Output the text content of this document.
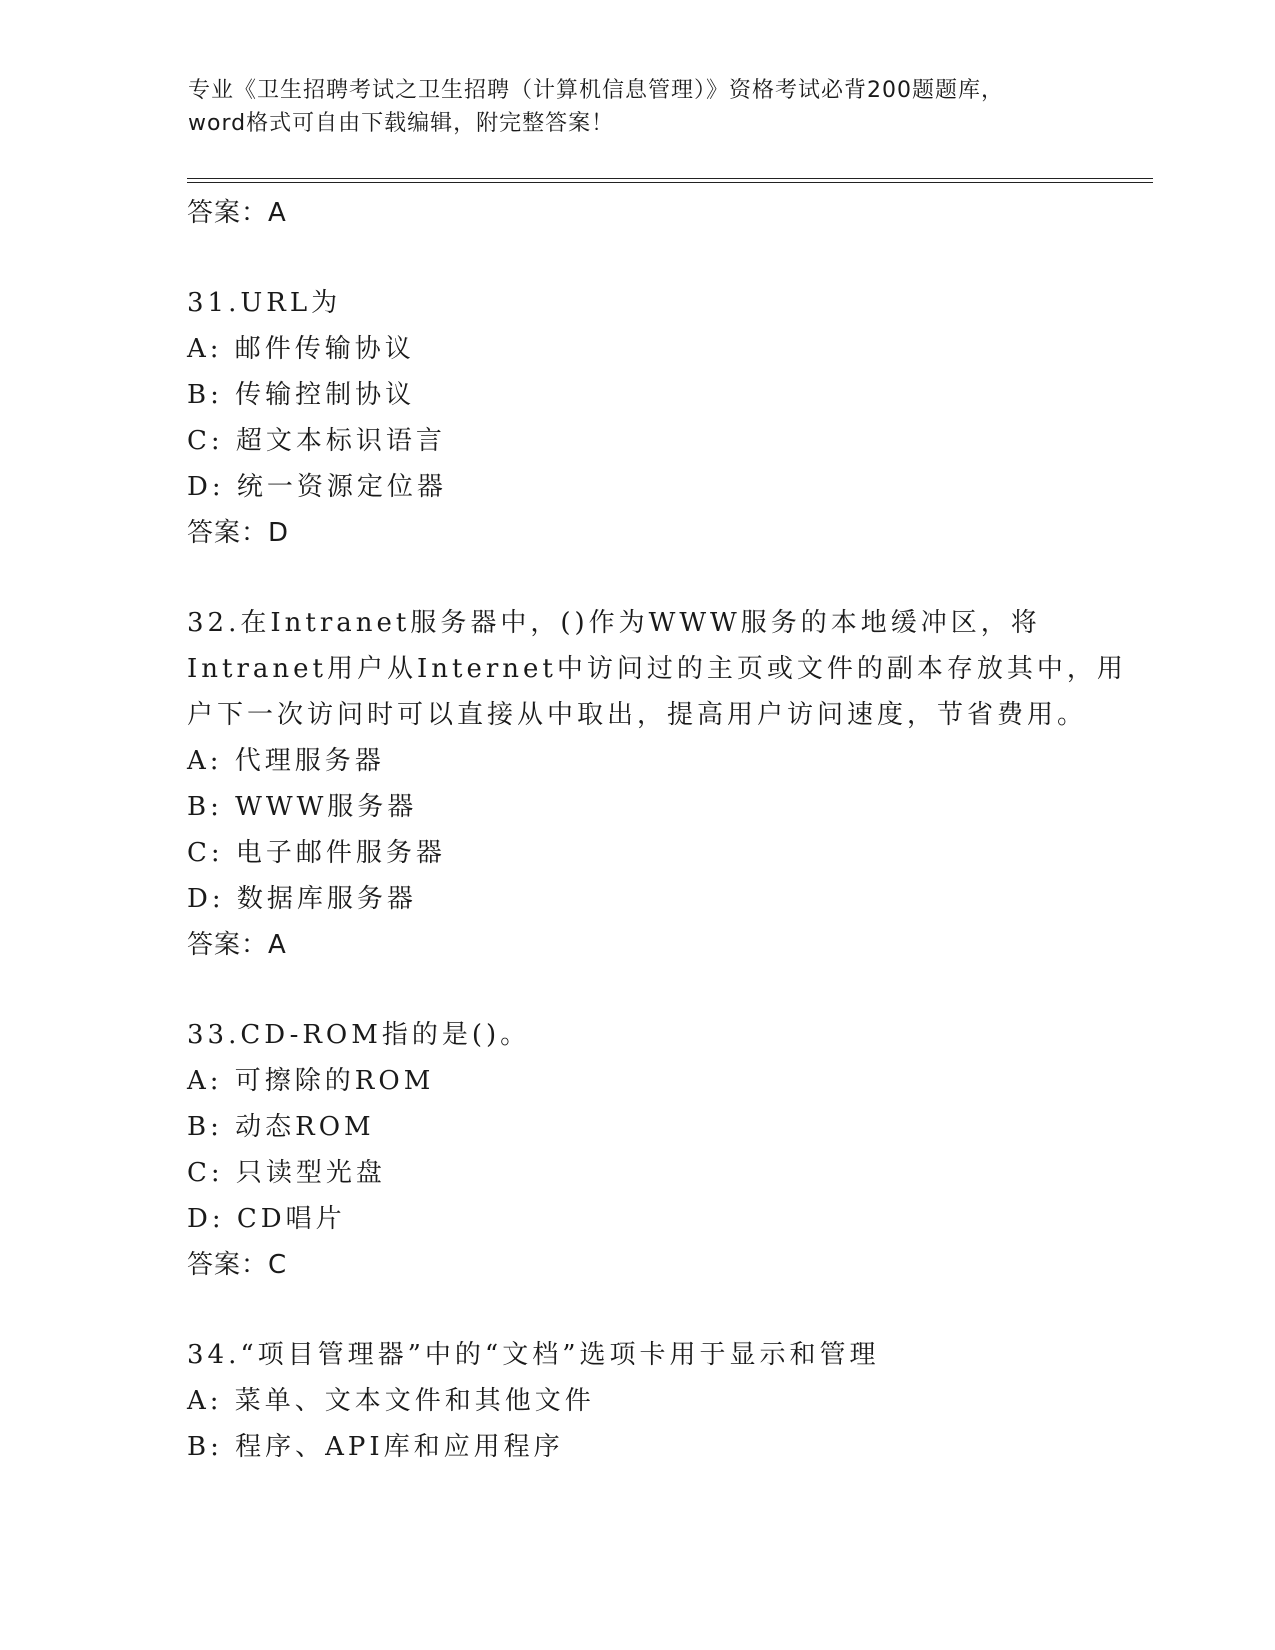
专业《卫生招聘考试之卫生招聘（计算机信息管理）》资格考试必背200题题库，
word格式可自由下载编辑，附完整答案！
答案：A
31.URL为
A: 邮件传输协议
B: 传输控制协议
C: 超文本标识语言
D: 统一资源定位器
答案：D
32.在Intranet服务器中，()作为WWW服务的本地缓冲区，将
Intranet用户从Internet中访问过的主页或文件的副本存放其中，用
户下一次访问时可以直接从中取出，提高用户访问速度，节省费用。
A: 代理服务器
B: WWW服务器
C: 电子邮件服务器
D: 数据库服务器
答案：A
33.CD-ROM指的是()。
A: 可擦除的ROM
B: 动态ROM
C: 只读型光盘
D: CD唱片
答案：C
34.“项目管理器”中的“文档”选项卡用于显示和管理
A: 菜单、文本文件和其他文件
B: 程序、API库和应用程序
